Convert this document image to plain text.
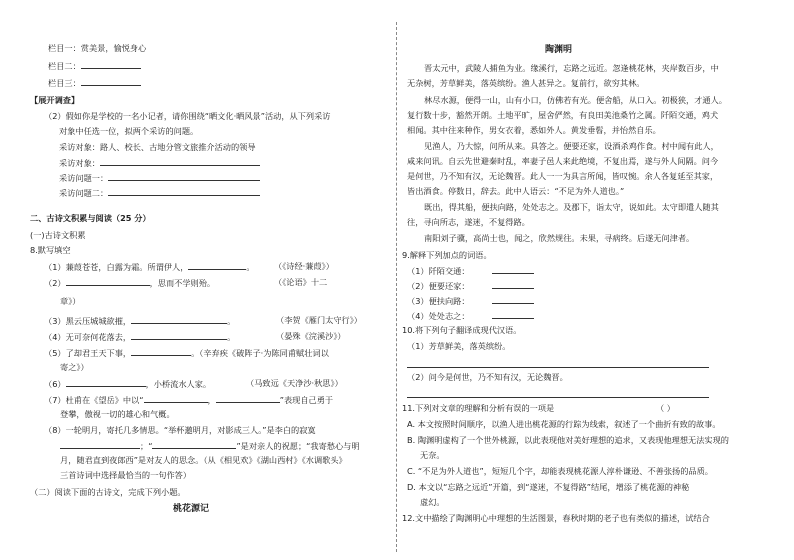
栏目一：赏美景，愉悦身心
栏目二：
栏目三：
【展开调查】
（2）假如你是学校的一名小记者，请你围绕“晒文化·晒风景”活动，从下列采访
对象中任选一位，拟两个采访的问题。
采访对象：路人、校长、古地分管文旅推介活动的领导
采访对象：
采访问题一：
采访问题二：
二、古诗文积累与阅读（25 分）
(一)古诗文积累
8.默写填空
（1）蒹葭苍苍，白露为霜。所谓伊人，	。 （《诗经·蒹葭》）
（2）	，思而不学则殆。	（《论语》十二
章》）
（3）黑云压城城欲摧，	。	（李贺《雁门太守行》）
（4）无可奈何花落去，	。	（晏殊《浣溪沙》）
（5）了却君王天下事，	。（辛弃疾《破阵子·为陈同甫赋壮词以
寄之》）
（6）	，小桥流水人家。	（马致远《天净沙·秋思》）
（7）杜甫在《望岳》中以“	，	”表现自己勇于
登攀，傲视一切的雄心和气概。
（8）一轮明月，寄托几多情思。“举杯邀明月，对影成三人。”是李白的寂寞
；“	”是对亲人的祝愿；“我寄愁心与明
月，随君直到夜郎西”是对友人的思念。（从《相见欢》《湖山西村》《水调歌头》
三首诗词中选择最恰当的一句作答）
（二）阅读下面的古诗文，完成下列小题。
桃花源记
陶渊明
晋太元中，武陵人捕鱼为业。缘溪行，忘路之远近。忽逢桃花林，夹岸数百步，中
无杂树，芳草鲜美，落英缤纷。渔人甚异之。复前行，欲穷其林。
林尽水源，便得一山，山有小口，仿佛若有光。便舍船，从口入。初极狭，才通人。
复行数十步，豁然开朗。土地平旷，屋舍俨然，有良田美池桑竹之属。阡陌交通，鸡犬
相闻。其中往来种作，男女衣着，悉如外人。黄发垂髫，并怡然自乐。
见渔人，乃大惊，问所从来。具答之。便要还家，设酒杀鸡作食。村中闻有此人，
咸来问讯。自云先世避秦时乱，率妻子邑人来此绝境，不复出焉，遂与外人间隔。问今
是何世，乃不知有汉，无论魏晋。此人一一为具言所闻，皆叹惋。余人各复延至其家，
皆出酒食。停数日，辞去。此中人语云：“不足为外人道也。”
既出，得其船，便扶向路，处处志之。及郡下，诣太守，说如此。太守即遣人随其
往，寻向所志，遂迷，不复得路。
南阳刘子骥，高尚士也，闻之，欣然规往。未果，寻病终。后遂无问津者。
9.解释下列加点的词语。
（1）阡陌交通：
（2）便要还家：
（3）便扶向路：
（4）处处志之：
10.将下列句子翻译成现代汉语。
（1）芳草鲜美，落英缤纷。
（2）问今是何世，乃不知有汉，无论魏晋。
11.下列对文章的理解和分析有误的一项是	（ ）
A. 本文按照时间顺序，以渔人进出桃花源的行踪为线索，叙述了一个曲折有致的故事。
B. 陶渊明虚构了一个世外桃源，以此表现他对美好理想的追求，又表现他理想无法实现的
无奈。
C. “不足为外人道也”，短短几个字，却能表现桃花源人淳朴谦逊、不善张扬的品质。
D. 本文以“忘路之远近”开篇，到“遂迷，不复得路”结尾，增添了桃花源的神秘
虚幻。
12.文中描绘了陶渊明心中理想的生活图景，春秋时期的老子也有类似的描述，试结合
